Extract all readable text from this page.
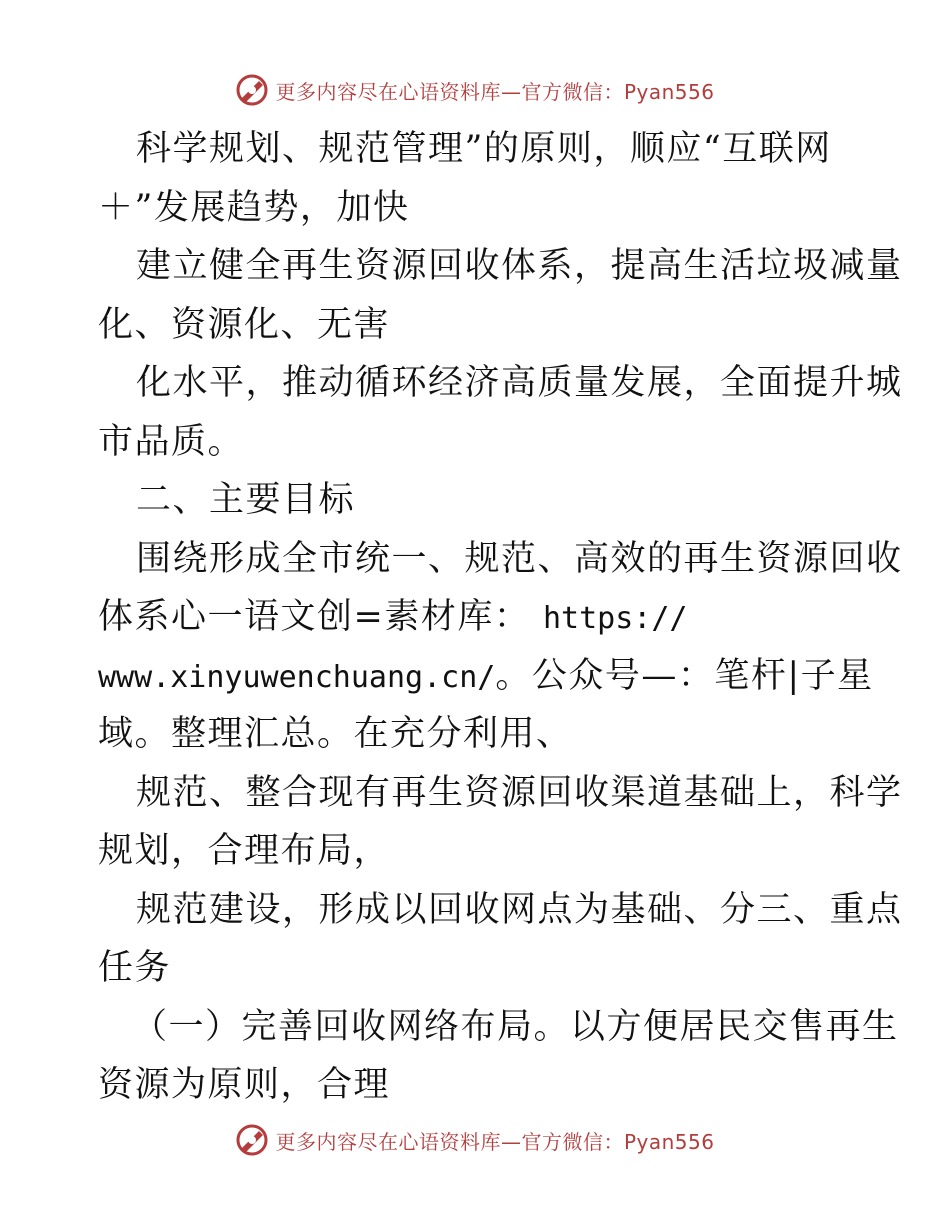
更多内容尽在心语资料库—官方微信：Pyan556
科学规划、规范管理”的原则，顺应“互联网
＋”发展趋势，加快
建立健全再生资源回收体系，提高生活垃圾减量
化、资源化、无害
化水平，推动循环经济高质量发展，全面提升城
市品质。
二、主要目标
围绕形成全市统一、规范、高效的再生资源回收
体系心一语文创=素材库： https://
www.xinyuwenchuang.cn/。公众号—：笔杆|子星
域。整理汇总。在充分利用、
规范、整合现有再生资源回收渠道基础上，科学
规划，合理布局，
规范建设，形成以回收网点为基础、分三、重点
任务
（一）完善回收网络布局。以方便居民交售再生
资源为原则，合理
更多内容尽在心语资料库—官方微信：Pyan556
